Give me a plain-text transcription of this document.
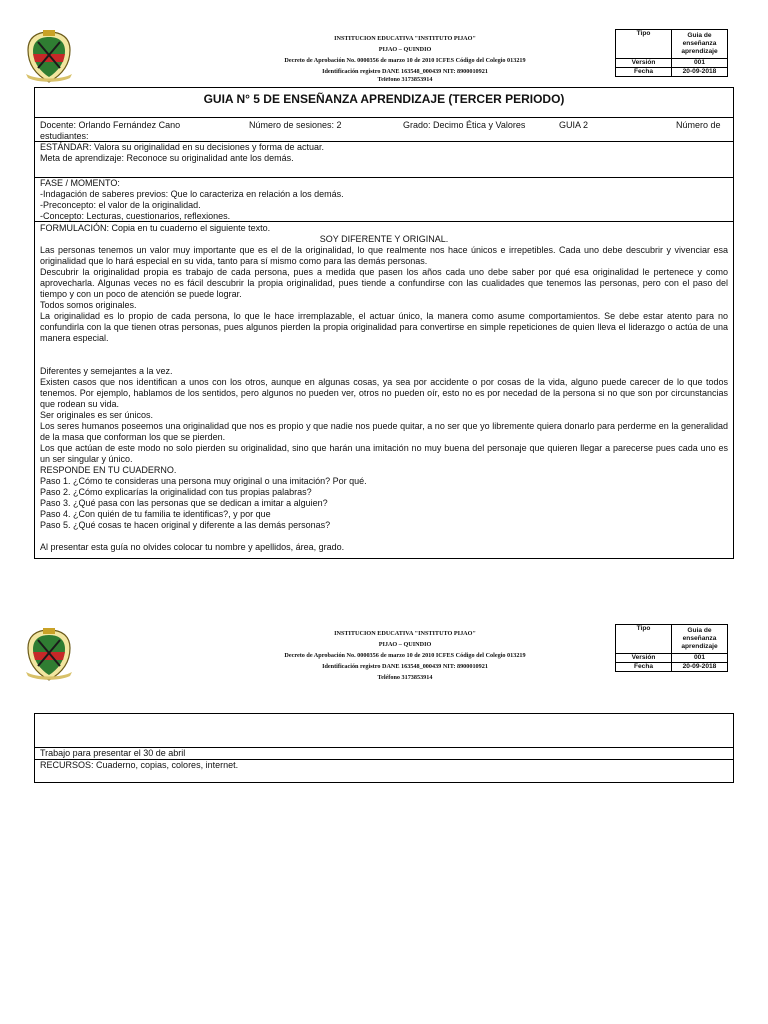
INSTITUCION EDUCATIVA "INSTITUTO PIJAO"
PIJAO – QUINDIO
Decreto de Aprobación No. 0000356 de marzo 10 de 2010 ICFES Código del Colegio 013219
Identificación registro DANE 163548_000439 NIT: 8900010921
Teléfono 3173853914
Tipo	Guia de enseñanza aprendizaje
Versión	001
Fecha	20-09-2018
GUIA N° 5 DE ENSEÑANZA APRENDIZAJE (TERCER PERIODO)
Docente: Orlando Fernández Cano	Número de sesiones: 2	Grado: Decimo Ética y Valores	GUIA 2	Número de
estudiantes:
ESTÁNDAR: Valora su originalidad en su decisiones y forma de actuar.
Meta de aprendizaje: Reconoce su originalidad ante los demás.
FASE / MOMENTO:
-Indagación de saberes previos: Que lo caracteriza en relación a los demás.
-Preconcepto: el valor de la originalidad.
-Concepto: Lecturas, cuestionarios, reflexiones.
FORMULACIÓN: Copia en tu cuaderno el siguiente texto.
SOY DIFERENTE Y ORIGINAL.
Las personas tenemos un valor muy importante que es el de la originalidad, lo que realmente nos hace únicos e irrepetibles. Cada uno debe descubrir y vivenciar esa originalidad que lo hará especial en su vida, tanto para sí mismo como para las demás personas.
Descubrir la originalidad propia es trabajo de cada persona, pues a medida que pasen los años cada uno debe saber por qué esa originalidad le pertenece y como aprovecharla. Algunas veces no es fácil descubrir la propia originalidad, pues tiende a confundirse con las cualidades que tenemos las personas, pero con el paso del tiempo y con un poco de atención se puede lograr.
Todos somos originales.
La originalidad es lo propio de cada persona, lo que le hace irremplazable, el actuar único, la manera como asume comportamientos. Se debe estar atento para no confundirla con la que tienen otras personas, pues algunos pierden la propia originalidad para convertirse en simple repeticiones de quien lleva el liderazgo o actúa de una manera especial.
Diferentes y semejantes a la vez.
Existen casos que nos identifican a unos con los otros, aunque en algunas cosas, ya sea por accidente o por cosas de la vida, alguno puede carecer de lo que todos tenemos. Por ejemplo, hablamos de los sentidos, pero algunos no pueden ver, otros no pueden oír, esto no es por necedad de la persona si no que son por circunstancias que rodean su vida.
Ser originales es ser únicos.
Los seres humanos poseemos una originalidad que nos es propio y que nadie nos puede quitar, a no ser que yo libremente quiera donarlo para perderme en la generalidad de la masa que conforman los que se pierden.
Los que actúan de este modo no solo pierden su originalidad, sino que harán una imitación no muy buena del personaje que quieren llegar a parecerse pues cada uno es un ser singular y único.
RESPONDE EN TU CUADERNO.
Paso 1. ¿Cómo te consideras una persona muy original o una imitación? Por qué.
Paso 2. ¿Cómo explicarías la originalidad con tus propias palabras?
Paso 3. ¿Qué pasa con las personas que se dedican a imitar a alguien?
Paso 4. ¿Con quién de tu familia te identificas?, y por que
Paso 5. ¿Qué cosas te hacen original y diferente a las demás personas?
Al presentar esta guía no olvides colocar tu nombre y apellidos, área, grado.
INSTITUCION EDUCATIVA "INSTITUTO PIJAO"
PIJAO – QUINDIO
Decreto de Aprobación No. 0000356 de marzo 10 de 2010 ICFES Código del Colegio 013219
Identificación registro DANE 163548_000439 NIT: 8900010921
Teléfono 3173853914
Tipo	Guia de enseñanza aprendizaje
Versión	001
Fecha	20-09-2018
Trabajo para presentar el 30 de abril
RECURSOS: Cuaderno, copias, colores, internet.
